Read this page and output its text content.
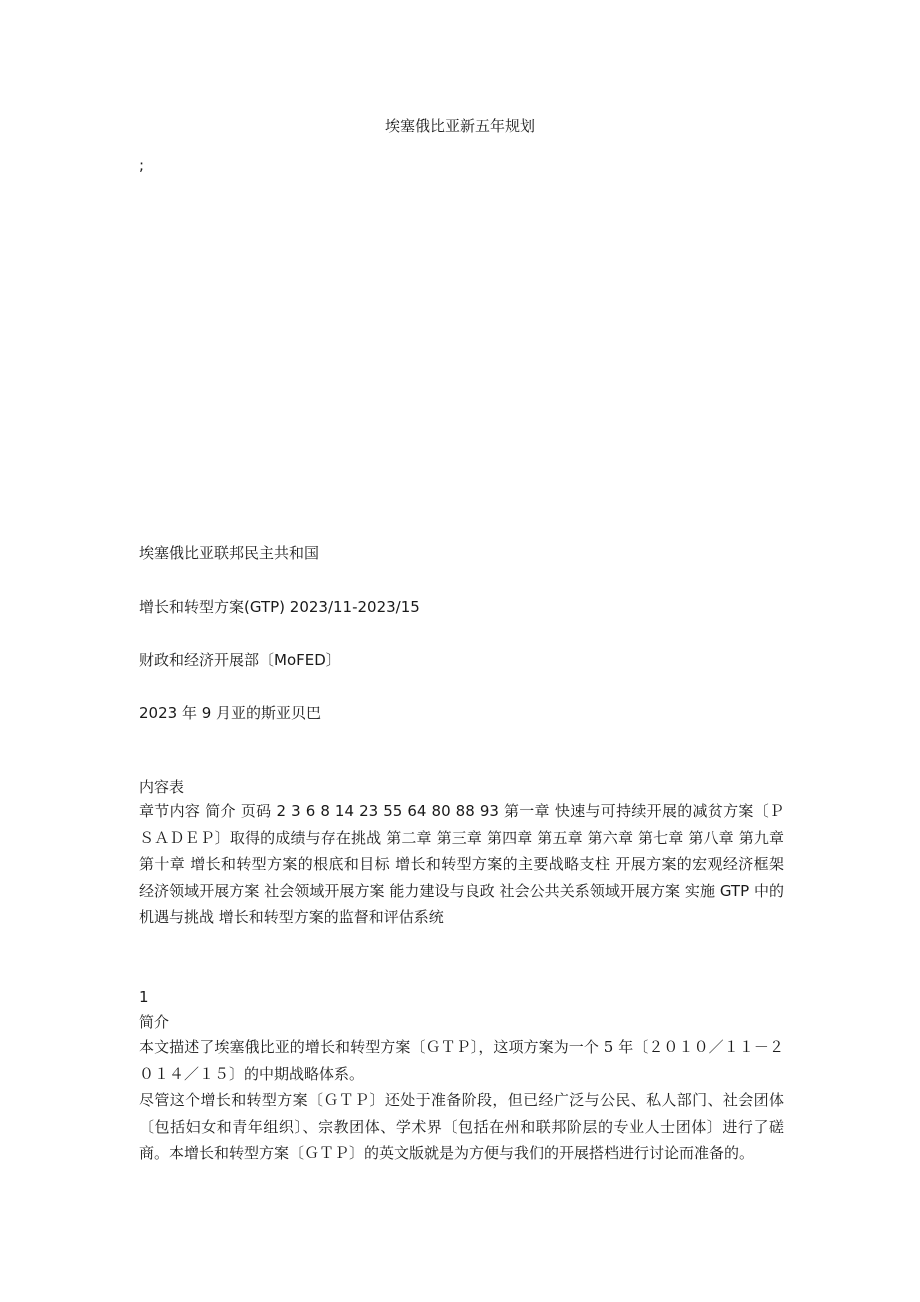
埃塞俄比亚新五年规划
;
埃塞俄比亚联邦民主共和国
增长和转型方案(GTP) 2023/11-2023/15
财政和经济开展部〔MoFED〕
2023 年 9 月亚的斯亚贝巴
内容表

章节内容 简介 页码 2 3 6 8 14 23 55 64 80 88 93 第一章 快速与可持续开展的减贫方案〔ＰＳＡＤＥＰ〕取得的成绩与存在挑战 第二章 第三章 第四章 第五章 第六章 第七章 第八章 第九章 第十章 增长和转型方案的根底和目标 增长和转型方案的主要战略支柱 开展方案的宏观经济框架 经济领域开展方案 社会领域开展方案 能力建设与良政 社会公共关系领域开展方案 实施 GTP 中的机遇与挑战 增长和转型方案的监督和评估系统

1
简介

本文描述了埃塞俄比亚的增长和转型方案〔ＧＴＰ〕，这项方案为一个 5 年〔２０１０／１１－２０１４／１５〕的中期战略体系。

尽管这个增长和转型方案〔ＧＴＰ〕还处于准备阶段，但已经广泛与公民、私人部门、社会团体〔包括妇女和青年组织〕、宗教团体、学术界〔包括在州和联邦阶层的专业人士团体〕进行了磋商。本增长和转型方案〔ＧＴＰ〕的英文版就是为方便与我们的开展搭档进行讨论而准备的。
